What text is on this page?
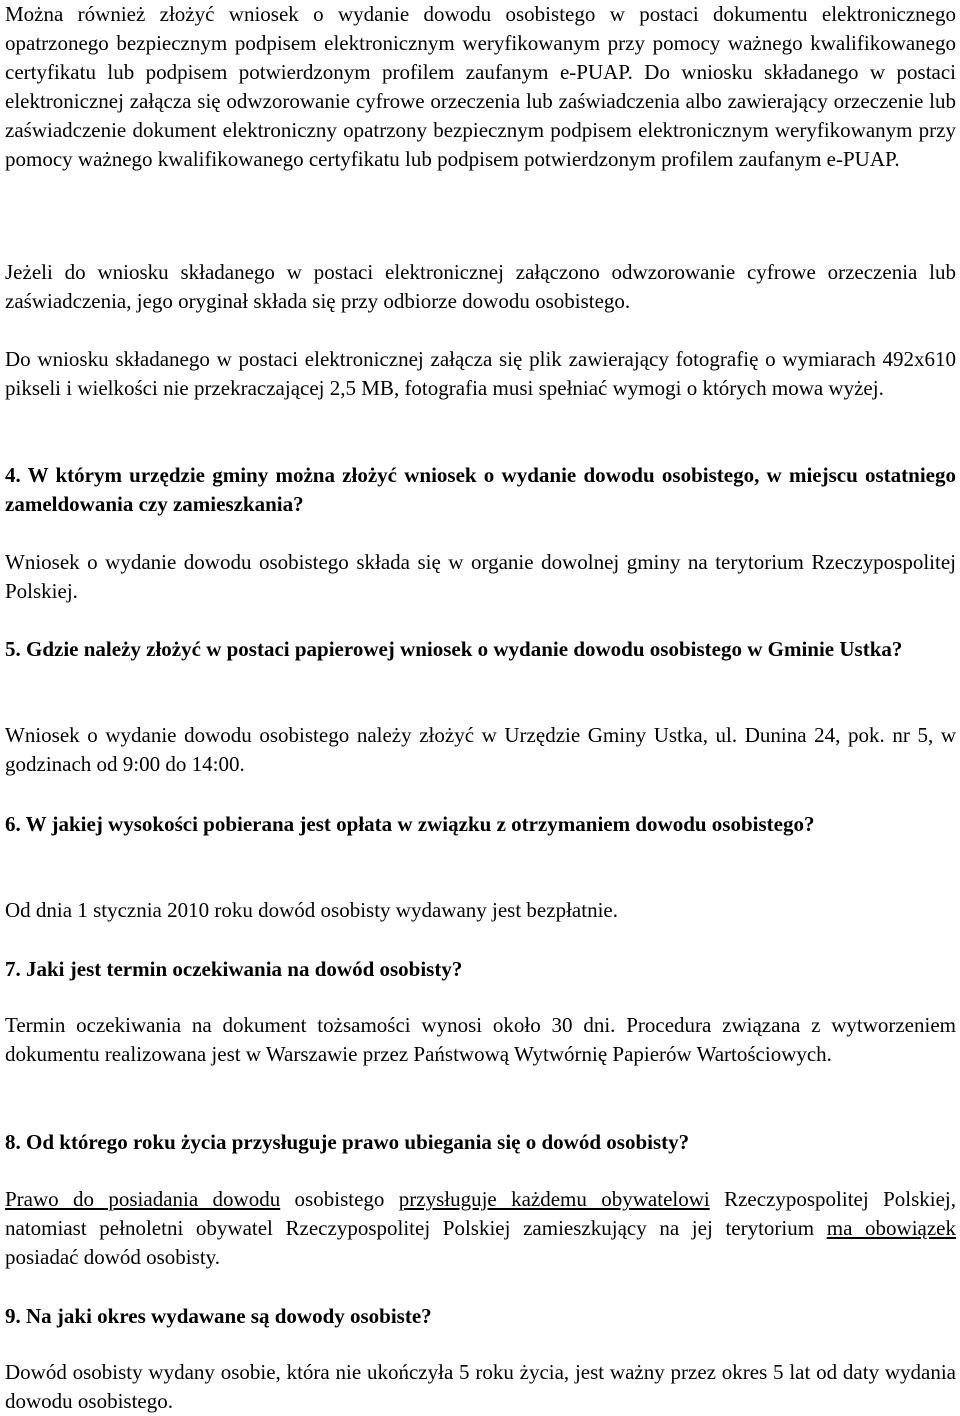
Można również złożyć wniosek o wydanie dowodu osobistego w postaci dokumentu elektronicznego opatrzonego bezpiecznym podpisem elektronicznym weryfikowanym przy pomocy ważnego kwalifikowanego certyfikatu lub podpisem potwierdzonym profilem zaufanym e-PUAP. Do wniosku składanego w postaci elektronicznej załącza się odwzorowanie cyfrowe orzeczenia lub zaświadczenia albo zawierający orzeczenie lub zaświadczenie dokument elektroniczny opatrzony bezpiecznym podpisem elektronicznym weryfikowanym przy pomocy ważnego kwalifikowanego certyfikatu lub podpisem potwierdzonym profilem zaufanym e-PUAP.

Jeżeli do wniosku składanego w postaci elektronicznej załączono odwzorowanie cyfrowe orzeczenia lub zaświadczenia, jego oryginał składa się przy odbiorze dowodu osobistego.

Do wniosku składanego w postaci elektronicznej załącza się plik zawierający fotografię o wymiarach 492x610 pikseli i wielkości nie przekraczającej 2,5 MB, fotografia musi spełniać wymogi o których mowa wyżej.

4. W którym urzędzie gminy można złożyć wniosek o wydanie dowodu osobistego, w miejscu ostatniego zameldowania czy zamieszkania?

Wniosek o wydanie dowodu osobistego składa się w organie dowolnej gminy na terytorium Rzeczypospolitej Polskiej.

5. Gdzie należy złożyć w postaci papierowej wniosek o wydanie dowodu osobistego w Gminie Ustka?

Wniosek o wydanie dowodu osobistego należy złożyć w Urzędzie Gminy Ustka, ul. Dunina 24, pok. nr 5, w godzinach od 9:00 do 14:00.

6. W jakiej wysokości pobierana jest opłata w związku z otrzymaniem dowodu osobistego?

Od dnia 1 stycznia 2010 roku dowód osobisty wydawany jest bezpłatnie.

7. Jaki jest termin oczekiwania na dowód osobisty?

Termin oczekiwania na dokument tożsamości wynosi około 30 dni. Procedura związana z wytworzeniem dokumentu realizowana jest w Warszawie przez Państwową Wytwórnię Papierów Wartościowych.

8. Od którego roku życia przysługuje prawo ubiegania się o dowód osobisty?

Prawo do posiadania dowodu osobistego przysługuje każdemu obywatelowi Rzeczypospolitej Polskiej, natomiast pełnoletni obywatel Rzeczypospolitej Polskiej zamieszkujący na jej terytorium ma obowiązek posiadać dowód osobisty.

9. Na jaki okres wydawane są dowody osobiste?

Dowód osobisty wydany osobie, która nie ukończyła 5 roku życia, jest ważny przez okres 5 lat od daty wydania dowodu osobistego.
